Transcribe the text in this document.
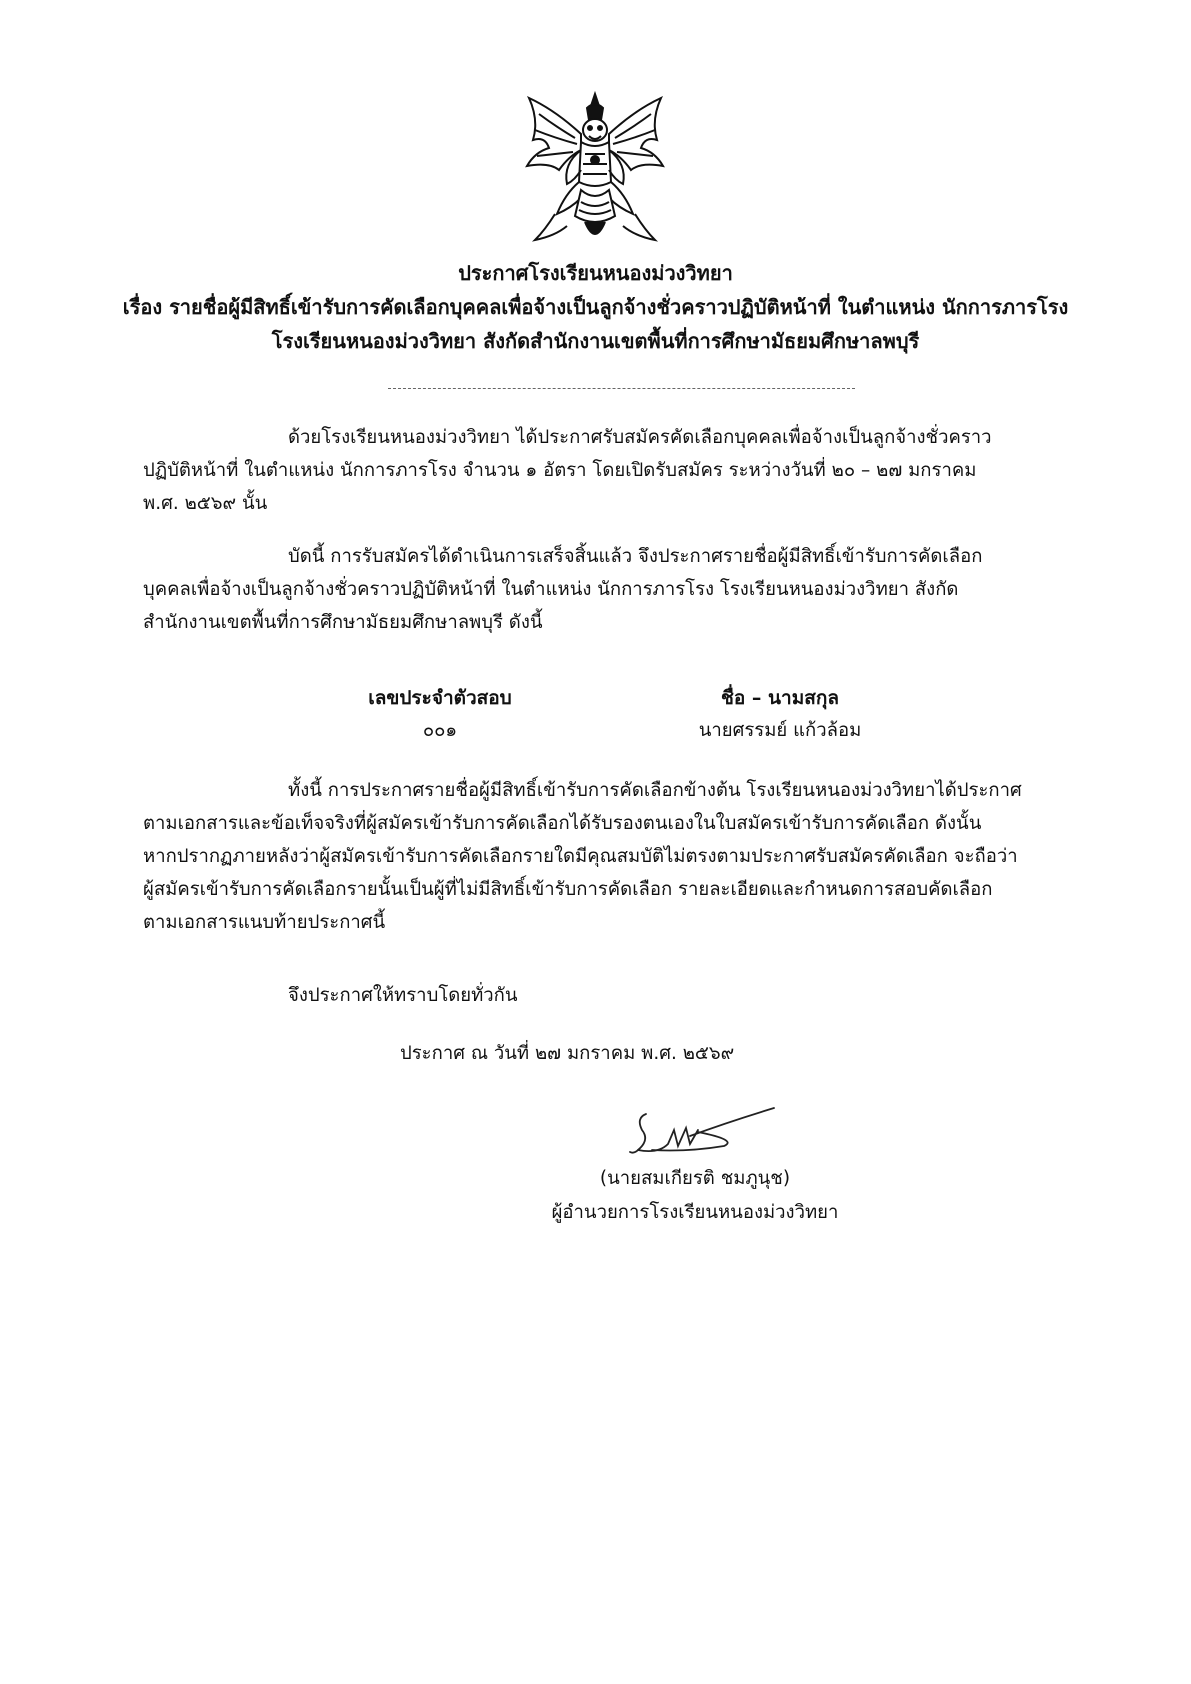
ประกาศโรงเรียนหนองม่วงวิทยา
เรื่อง รายชื่อผู้มีสิทธิ์เข้ารับการคัดเลือกบุคคลเพื่อจ้างเป็นลูกจ้างชั่วคราวปฏิบัติหน้าที่ ในตำแหน่ง นักการภารโรง
โรงเรียนหนองม่วงวิทยา สังกัดสำนักงานเขตพื้นที่การศึกษามัธยมศึกษาลพบุรี
ด้วยโรงเรียนหนองม่วงวิทยา ได้ประกาศรับสมัครคัดเลือกบุคคลเพื่อจ้างเป็นลูกจ้างชั่วคราว
ปฏิบัติหน้าที่ ในตำแหน่ง นักการภารโรง จำนวน ๑ อัตรา โดยเปิดรับสมัคร ระหว่างวันที่ ๒๐ – ๒๗ มกราคม
พ.ศ. ๒๕๖๙ นั้น
บัดนี้ การรับสมัครได้ดำเนินการเสร็จสิ้นแล้ว จึงประกาศรายชื่อผู้มีสิทธิ์เข้ารับการคัดเลือก
บุคคลเพื่อจ้างเป็นลูกจ้างชั่วคราวปฏิบัติหน้าที่ ในตำแหน่ง นักการภารโรง โรงเรียนหนองม่วงวิทยา สังกัด
สำนักงานเขตพื้นที่การศึกษามัธยมศึกษาลพบุรี ดังนี้
เลขประจำตัวสอบ	ชื่อ – นามสกุล
๐๐๑	นายศรรมย์ แก้วล้อม
ทั้งนี้ การประกาศรายชื่อผู้มีสิทธิ์เข้ารับการคัดเลือกข้างต้น โรงเรียนหนองม่วงวิทยาได้ประกาศ
ตามเอกสารและข้อเท็จจริงที่ผู้สมัครเข้ารับการคัดเลือกได้รับรองตนเองในใบสมัครเข้ารับการคัดเลือก ดังนั้น
หากปรากฏภายหลังว่าผู้สมัครเข้ารับการคัดเลือกรายใดมีคุณสมบัติไม่ตรงตามประกาศรับสมัครคัดเลือก จะถือว่า
ผู้สมัครเข้ารับการคัดเลือกรายนั้นเป็นผู้ที่ไม่มีสิทธิ์เข้ารับการคัดเลือก รายละเอียดและกำหนดการสอบคัดเลือก
ตามเอกสารแนบท้ายประกาศนี้
จึงประกาศให้ทราบโดยทั่วกัน
ประกาศ ณ วันที่ ๒๗ มกราคม พ.ศ. ๒๕๖๙
(นายสมเกียรติ ชมภูนุช)
ผู้อำนวยการโรงเรียนหนองม่วงวิทยา
